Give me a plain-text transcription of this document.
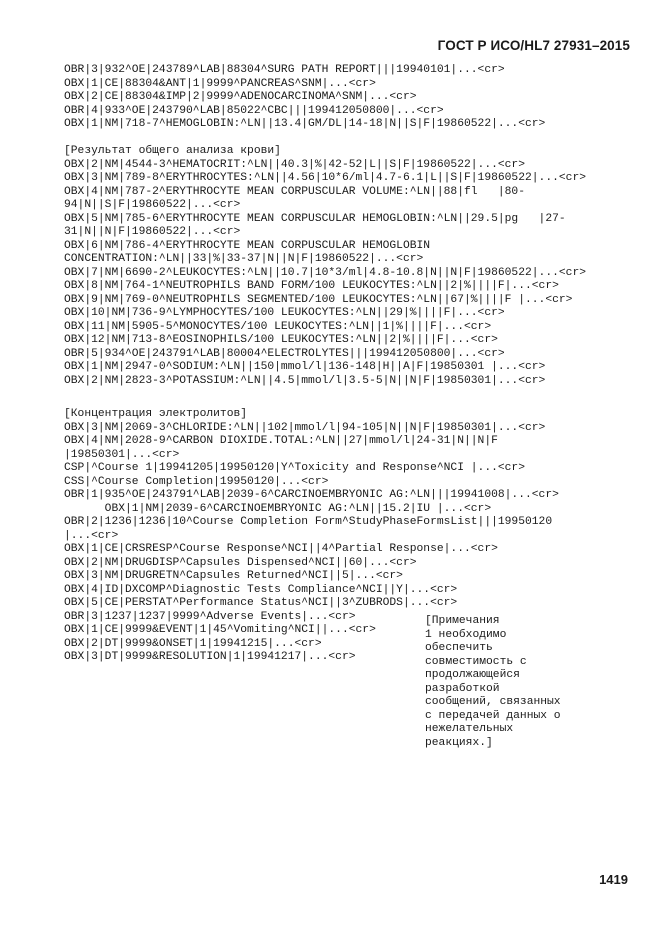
ГОСТ Р ИСО/HL7 27931–2015
OBR|3|932^OE|243789^LAB|88304^SURG PATH REPORT|||19940101|...<cr>
OBX|1|CE|88304&ANT|1|9999^PANCREAS^SNM|...<cr>
OBX|2|CE|88304&IMP|2|9999^ADENOCARCINOMA^SNM|...<cr>
OBR|4|933^OE|243790^LAB|85022^CBC|||199412050800|...<cr>
OBX|1|NM|718-7^HEMOGLOBIN:^LN||13.4|GM/DL|14-18|N||S|F|19860522|...<cr>
[Результат общего анализа крови]
OBX|2|NM|4544-3^HEMATOCRIT:^LN||40.3|%|42-52|L||S|F|19860522|...<cr>
OBX|3|NM|789-8^ERYTHROCYTES:^LN||4.56|10*6/ml|4.7-6.1|L||S|F|19860522|...<cr>
OBX|4|NM|787-2^ERYTHROCYTE MEAN CORPUSCULAR VOLUME:^LN||88|fl   |80-
94|N||S|F|19860522|...<cr>
OBX|5|NM|785-6^ERYTHROCYTE MEAN CORPUSCULAR HEMOGLOBIN:^LN||29.5|pg   |27-
31|N||N|F|19860522|...<cr>
OBX|6|NM|786-4^ERYTHROCYTE MEAN CORPUSCULAR HEMOGLOBIN
CONCENTRATION:^LN||33|%|33-37|N||N|F|19860522|...<cr>
OBX|7|NM|6690-2^LEUKOCYTES:^LN||10.7|10*3/ml|4.8-10.8|N||N|F|19860522|...<cr>
OBX|8|NM|764-1^NEUTROPHILS BAND FORM/100 LEUKOCYTES:^LN||2|%||||F|...<cr>
OBX|9|NM|769-0^NEUTROPHILS SEGMENTED/100 LEUKOCYTES:^LN||67|%||||F |...<cr>
OBX|10|NM|736-9^LYMPHOCYTES/100 LEUKOCYTES:^LN||29|%||||F|...<cr>
OBX|11|NM|5905-5^MONOCYTES/100 LEUKOCYTES:^LN||1|%||||F|...<cr>
OBX|12|NM|713-8^EOSINOPHILS/100 LEUKOCYTES:^LN||2|%||||F|...<cr>
OBR|5|934^OE|243791^LAB|80004^ELECTROLYTES|||199412050800|...<cr>
OBX|1|NM|2947-0^SODIUM:^LN||150|mmol/l|136-148|H||A|F|19850301 |...<cr>
OBX|2|NM|2823-3^POTASSIUM:^LN||4.5|mmol/l|3.5-5|N||N|F|19850301|...<cr>
[Концентрация электролитов]
OBX|3|NM|2069-3^CHLORIDE:^LN||102|mmol/l|94-105|N||N|F|19850301|...<cr>
OBX|4|NM|2028-9^CARBON DIOXIDE.TOTAL:^LN||27|mmol/l|24-31|N||N|F
|19850301|...<cr>
CSP|^Course 1|19941205|19950120|Y^Toxicity and Response^NCI |...<cr>
CSS|^Course Completion|19950120|...<cr>
OBR|1|935^OE|243791^LAB|2039-6^CARCINOEMBRYONIC AG:^LN|||19941008|...<cr>
OBX|1|NM|2039-6^CARCINOEMBRYONIC AG:^LN||15.2|IU |...<cr>
OBR|2|1236|1236|10^Course Completion Form^StudyPhaseFormsList|||19950120
|...<cr>
OBX|1|CE|CRSRESP^Course Response^NCI||4^Partial Response|...<cr>
OBX|2|NM|DRUGDISP^Capsules Dispensed^NCI||60|...<cr>
OBX|3|NM|DRUGRETN^Capsules Returned^NCI||5|...<cr>
OBX|4|ID|DXCOMP^Diagnostic Tests Compliance^NCI||Y|...<cr>
OBX|5|CE|PERSTAT^Performance Status^NCI||3^ZUBRODS|...<cr>
OBR|3|1237|1237|9999^Adverse Events|...<cr>
OBX|1|CE|9999&EVENT|1|45^Vomiting^NCI||...<cr>
OBX|2|DT|9999&ONSET|1|19941215|...<cr>
OBX|3|DT|9999&RESOLUTION|1|19941217|...<cr>
[Примечания
1 необходимо
обеспечить
совместимость с
продолжающейся
разработкой
сообщений, связанных
с передачей данных о
нежелательных
реакциях.]
1419
